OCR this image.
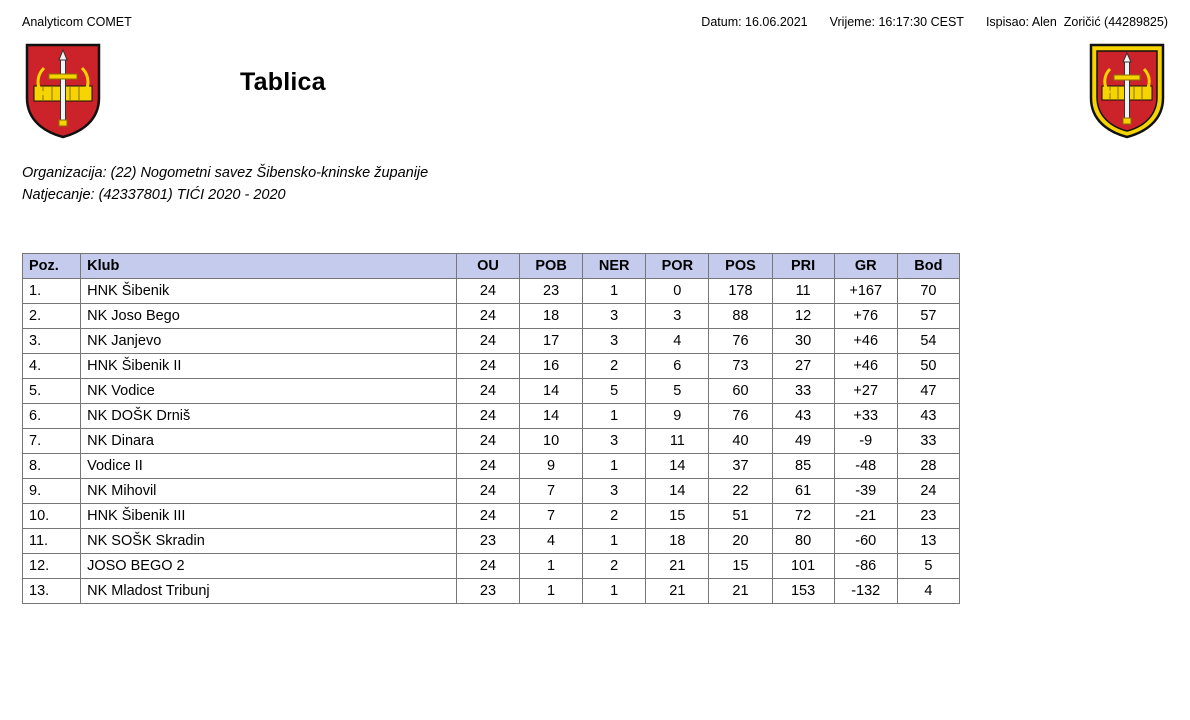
Analyticom COMET	Datum: 16.06.2021 Vrijeme: 16:17:30 CEST Ispisao: Alen  Zoričić (44289825)
Tablica
Organizacija: (22) Nogometni savez Šibensko-kninske županije
Natjecanje: (42337801) TIĆI 2020 - 2020
Poz.	Klub	OU	POB	NER	POR	POS	PRI	GR	Bod
1.	HNK Šibenik	24	23	1	0	178	11	+167	70
2.	NK Joso Bego	24	18	3	3	88	12	+76	57
3.	NK Janjevo	24	17	3	4	76	30	+46	54
4.	HNK Šibenik II	24	16	2	6	73	27	+46	50
5.	NK Vodice	24	14	5	5	60	33	+27	47
6.	NK DOŠK Drniš	24	14	1	9	76	43	+33	43
7.	NK Dinara	24	10	3	11	40	49	-9	33
8.	Vodice II	24	9	1	14	37	85	-48	28
9.	NK Mihovil	24	7	3	14	22	61	-39	24
10.	HNK Šibenik III	24	7	2	15	51	72	-21	23
11.	NK SOŠK Skradin	23	4	1	18	20	80	-60	13
12.	JOSO BEGO 2	24	1	2	21	15	101	-86	5
13.	NK Mladost Tribunj	23	1	1	21	21	153	-132	4
